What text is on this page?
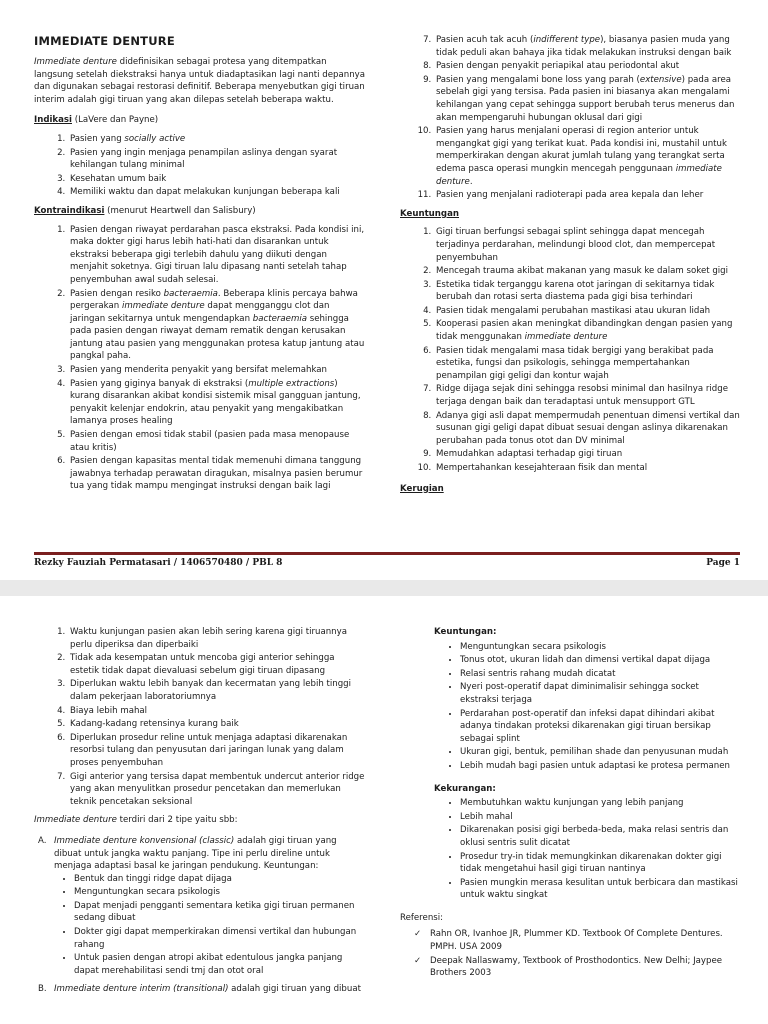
IMMEDIATE DENTURE

Immediate denture didefinisikan sebagai protesa yang ditempatkan langsung setelah diekstraksi hanya untuk diadaptasikan lagi nanti depannya dan digunakan sebagai restorasi definitif. Beberapa menyebutkan gigi tiruan interim adalah gigi tiruan yang akan dilepas setelah beberapa waktu.

Indikasi (LaVere dan Payne)
1. Pasien yang socially active
2. Pasien yang ingin menjaga penampilan aslinya dengan syarat kehilangan tulang minimal
3. Kesehatan umum baik
4. Memiliki waktu dan dapat melakukan kunjungan beberapa kali
Kontraindikasi (menurut Heartwell dan Salisbury)
1. Pasien dengan riwayat perdarahan pasca ekstraksi. Pada kondisi ini, maka dokter gigi harus lebih hati-hati dan disarankan untuk ekstraksi beberapa gigi terlebih dahulu yang diikuti dengan menjahit soketnya. Gigi tiruan lalu dipasang nanti setelah tahap penyembuhan awal sudah selesai.
2. Pasien dengan resiko bacteraemia. Beberapa klinis percaya bahwa pergerakan immediate denture dapat mengganggu clot dan jaringan sekitarnya untuk mengendapkan bacteraemia sehingga pada pasien dengan riwayat demam rematik dengan kerusakan jantung atau pasien yang menggunakan protesa katup jantung atau pangkal paha.
3. Pasien yang menderita penyakit yang bersifat melemahkan
4. Pasien yang giginya banyak di ekstraksi (multiple extractions) kurang disarankan akibat kondisi sistemik misal gangguan jantung, penyakit kelenjar endokrin, atau penyakit yang mengakibatkan lamanya proses healing
5. Pasien dengan emosi tidak stabil (pasien pada masa menopause atau kritis)
6. Pasien dengan kapasitas mental tidak memenuhi dimana tanggung jawabnya terhadap perawatan diragukan, misalnya pasien berumur tua yang tidak mampu mengingat instruksi dengan baik lagi
7. Pasien acuh tak acuh (indifferent type), biasanya pasien muda yang tidak peduli akan bahaya jika tidak melakukan instruksi dengan baik
8. Pasien dengan penyakit periapikal atau periodontal akut
9. Pasien yang mengalami bone loss yang parah (extensive) pada area sebelah gigi yang tersisa. Pada pasien ini biasanya akan mengalami kehilangan yang cepat sehingga support berubah terus menerus dan akan mempengaruhi hubungan oklusal dari gigi
10. Pasien yang harus menjalani operasi di region anterior untuk mengangkat gigi yang terikat kuat. Pada kondisi ini, mustahil untuk memperkirakan dengan akurat jumlah tulang yang terangkat serta edema pasca operasi mungkin mencegah penggunaan immediate denture.
11. Pasien yang menjalani radioterapi pada area kepala dan leher
Keuntungan
1. Gigi tiruan berfungsi sebagai splint sehingga dapat mencegah terjadinya perdarahan, melindungi blood clot, dan mempercepat penyembuhan
2. Mencegah trauma akibat makanan yang masuk ke dalam soket gigi
3. Estetika tidak terganggu karena otot jaringan di sekitarnya tidak berubah dan rotasi serta diastema pada gigi bisa terhindari
4. Pasien tidak mengalami perubahan mastikasi atau ukuran lidah
5. Kooperasi pasien akan meningkat dibandingkan dengan pasien yang tidak menggunakan immediate denture
6. Pasien tidak mengalami masa tidak bergigi yang berakibat pada estetika, fungsi dan psikologis, sehingga mempertahankan penampilan gigi geligi dan kontur wajah
7. Ridge dijaga sejak dini sehingga resobsi minimal dan hasilnya ridge terjaga dengan baik dan teradaptasi untuk mensupport GTL
8. Adanya gigi asli dapat mempermudah penentuan dimensi vertikal dan susunan gigi geligi dapat dibuat sesuai dengan aslinya dikarenakan perubahan pada tonus otot dan DV minimal
9. Memudahkan adaptasi terhadap gigi tiruan
10. Mempertahankan kesejahteraan fisik dan mental
Kerugian
Rezky Fauziah Permatasari / 1406570480 / PBL 8	Page 1
1. Waktu kunjungan pasien akan lebih sering karena gigi tiruannya perlu diperiksa dan diperbaiki
2. Tidak ada kesempatan untuk mencoba gigi anterior sehingga estetik tidak dapat dievaluasi sebelum gigi tiruan dipasang
3. Diperlukan waktu lebih banyak dan kecermatan yang lebih tinggi dalam pekerjaan laboratoriumnya
4. Biaya lebih mahal
5. Kadang-kadang retensinya kurang baik
6. Diperlukan prosedur reline untuk menjaga adaptasi dikarenakan resorbsi tulang dan penyusutan dari jaringan lunak yang dalam proses penyembuhan
7. Gigi anterior yang tersisa dapat membentuk undercut anterior ridge yang akan menyulitkan prosedur pencetakan dan memerlukan teknik pencetakan seksional

Immediate denture terdiri dari 2 tipe yaitu sbb:

A. Immediate denture konvensional (classic) adalah gigi tiruan yang dibuat untuk jangka waktu panjang. Tipe ini perlu direline untuk menjaga adaptasi basal ke jaringan pendukung. Keuntungan:
• Bentuk dan tinggi ridge dapat dijaga
• Menguntungkan secara psikologis
• Dapat menjadi pengganti sementara ketika gigi tiruan permanen sedang dibuat
• Dokter gigi dapat memperkirakan dimensi vertikal dan hubungan rahang
• Untuk pasien dengan atropi akibat edentulous jangka panjang dapat merehabilitasi sendi tmj dan otot oral
B. Immediate denture interim (transitional) adalah gigi tiruan yang dibuat
Keuntungan:
• Menguntungkan secara psikologis
• Tonus otot, ukuran lidah dan dimensi vertikal dapat dijaga
• Relasi sentris rahang mudah dicatat
• Nyeri post-operatif dapat diminimalisir sehingga socket ekstraksi terjaga
• Perdarahan post-operatif dan infeksi dapat dihindari akibat adanya tindakan proteksi dikarenakan gigi tiruan bersikap sebagai splint
• Ukuran gigi, bentuk, pemilihan shade dan penyusunan mudah
• Lebih mudah bagi pasien untuk adaptasi ke protesa permanen
Kekurangan:
• Membutuhkan waktu kunjungan yang lebih panjang
• Lebih mahal
• Dikarenakan posisi gigi berbeda-beda, maka relasi sentris dan oklusi sentris sulit dicatat
• Prosedur try-in tidak memungkinkan dikarenakan dokter gigi tidak mengetahui hasil gigi tiruan nantinya
• Pasien mungkin merasa kesulitan untuk berbicara dan mastikasi untuk waktu singkat
Referensi:
✓ Rahn OR, Ivanhoe JR, Plummer KD. Textbook Of Complete Dentures. PMPH. USA 2009
✓ Deepak Nallaswamy, Textbook of Prosthodontics. New Delhi; Jaypee Brothers 2003
